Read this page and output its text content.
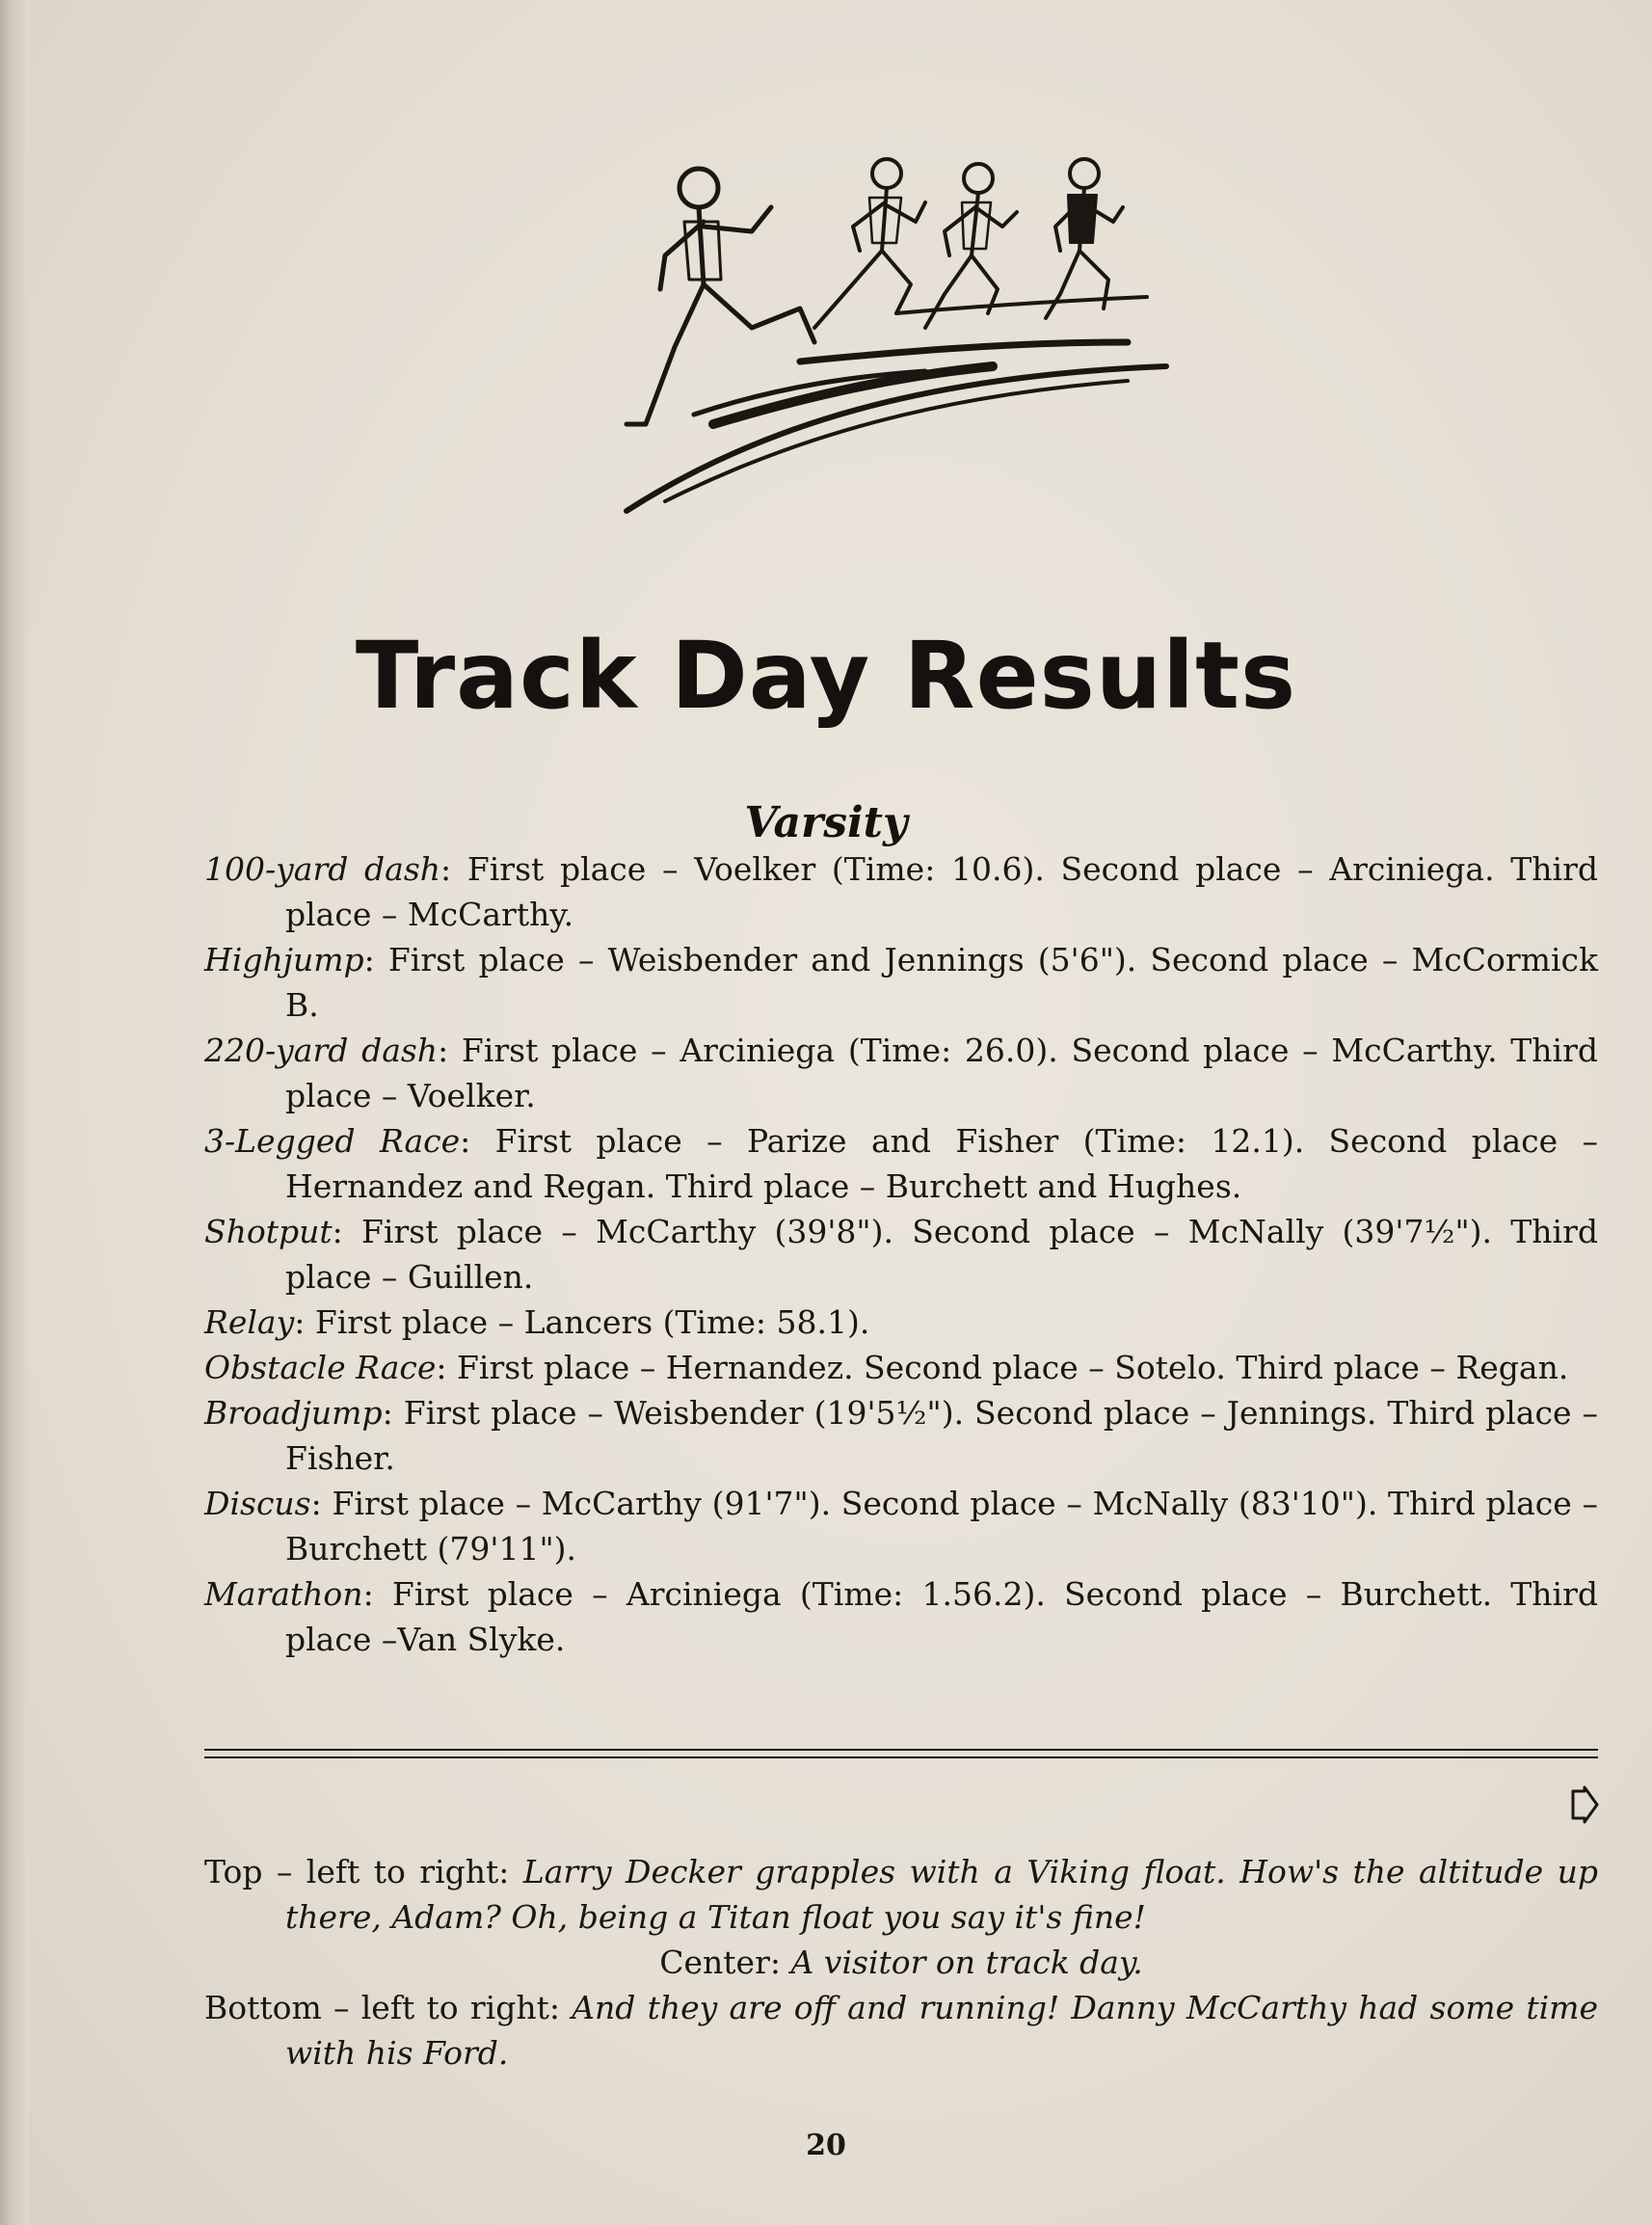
Track Day Results
Varsity
100-yard dash: First place – Voelker (Time: 10.6). Second place – Arciniega. Third place – McCarthy.
Highjump: First place – Weisbender and Jennings (5'6"). Second place – McCormick B.
220-yard dash: First place – Arciniega (Time: 26.0). Second place – McCarthy. Third place – Voelker.
3-Legged Race: First place – Parize and Fisher (Time: 12.1). Second place – Hernandez and Regan. Third place – Burchett and Hughes.
Shotput: First place – McCarthy (39'8"). Second place – McNally (39'7½"). Third place – Guillen.
Relay: First place – Lancers (Time: 58.1).
Obstacle Race: First place – Hernandez. Second place – Sotelo. Third place – Regan.
Broadjump: First place – Weisbender (19'5½"). Second place – Jennings. Third place – Fisher.
Discus: First place – McCarthy (91'7"). Second place – McNally (83'10"). Third place – Burchett (79'11").
Marathon: First place – Arciniega (Time: 1.56.2). Second place – Burchett. Third place –Van Slyke.
Top – left to right: Larry Decker grapples with a Viking float. How's the altitude up there, Adam? Oh, being a Titan float you say it's fine!
Center: A visitor on track day.
Bottom – left to right: And they are off and running! Danny McCarthy had some time with his Ford.

20
